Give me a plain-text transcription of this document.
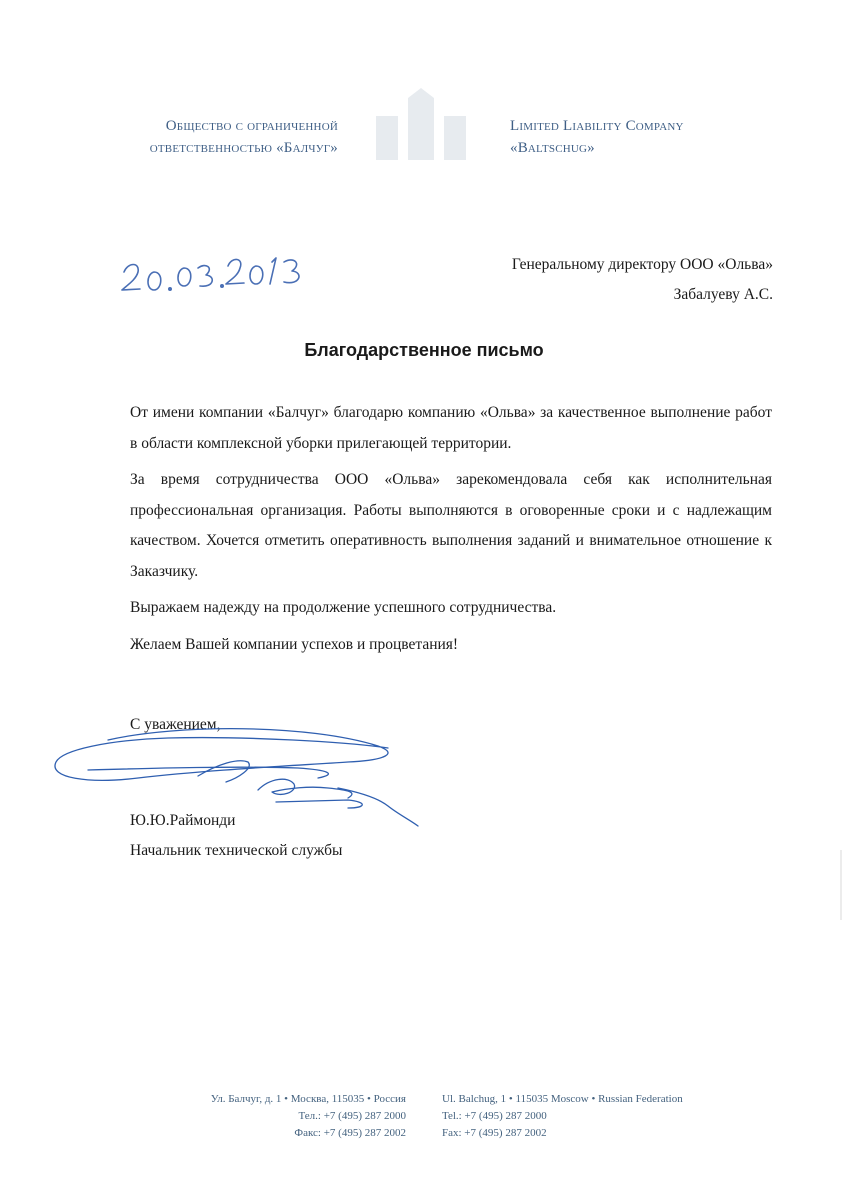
Общество с ограниченной
ответственностью «Балчуг»
Limited Liability Company
«Baltschug»
Генеральному директору ООО «Ольва»
Забалуеву А.С.
Благодарственное письмо

От имени компании «Балчуг» благодарю компанию «Ольва» за качественное выполнение работ в области комплексной уборки прилегающей территории.

За время сотрудничества ООО «Ольва» зарекомендовала себя как исполнительная профессиональная организация. Работы выполняются в оговоренные сроки и с надлежащим качеством. Хочется отметить оперативность выполнения заданий и внимательное отношение к Заказчику.

Выражаем надежду на продолжение успешного сотрудничества.

Желаем Вашей компании успехов и процветания!

С уважением,
Ю.Ю.Раймонди
Начальник технической службы
Ул. Балчуг, д. 1 • Москва, 115035 • Россия
Тел.: +7 (495) 287 2000
Факс: +7 (495) 287 2002
Ul. Balchug, 1 • 115035 Moscow • Russian Federation
Tel.: +7 (495) 287 2000
Fax: +7 (495) 287 2002
